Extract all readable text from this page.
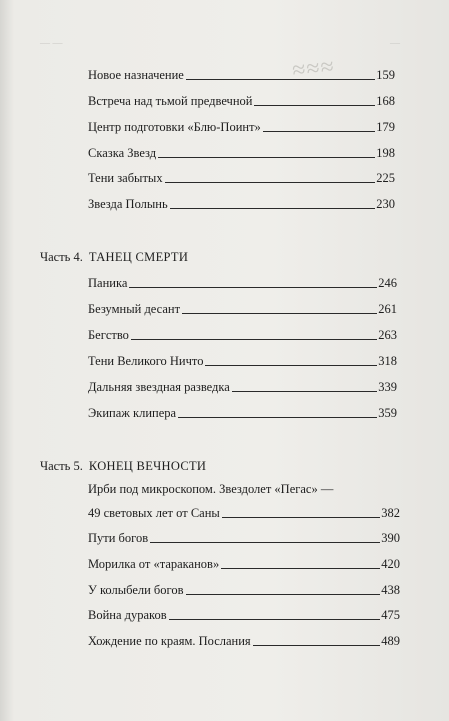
— —	—
≈≈≈
Новое назначение	159
Встреча над тьмой предвечной	168
Центр подготовки «Блю-Поинт»	179
Сказка Звезд	198
Тени забытых	225
Звезда Полынь	230
Часть 4. ТАНЕЦ СМЕРТИ
Паника	246
Безумный десант	261
Бегство	263
Тени Великого Ничто	318
Дальняя звездная разведка	339
Экипаж клипера	359
Часть 5. КОНЕЦ ВЕЧНОСТИ
Ирби под микроскопом. Звездолет «Пегас» —
49 световых лет от Саны	382
Пути богов	390
Морилка от «тараканов»	420
У колыбели богов	438
Война дураков	475
Хождение по краям. Послания	489
